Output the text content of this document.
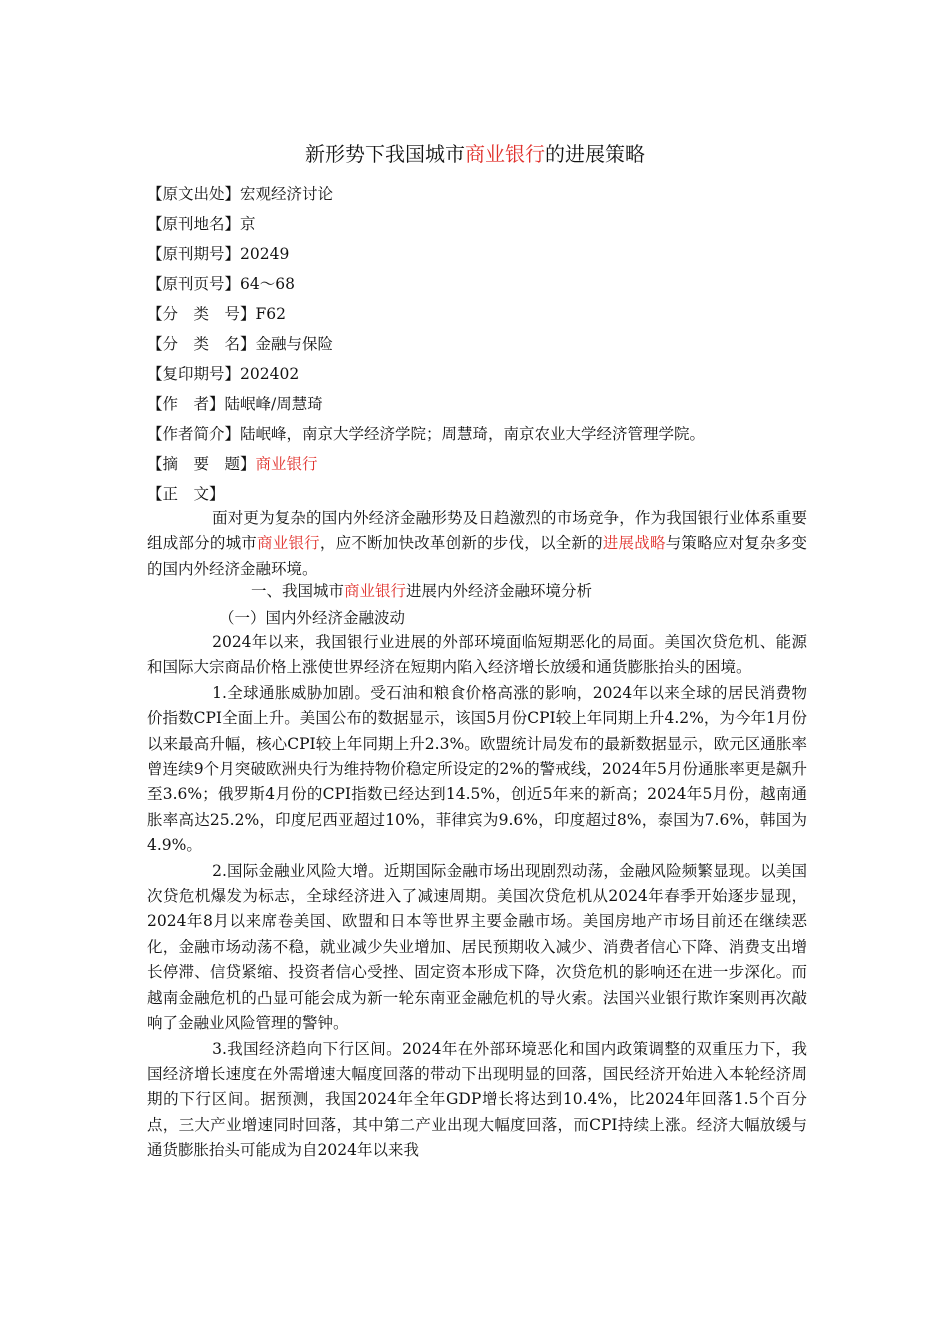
新形势下我国城市商业银行的进展策略
【原文出处】宏观经济讨论
【原刊地名】京
【原刊期号】20249
【原刊页号】64～68
【分　类　号】F62
【分　类　名】金融与保险
【复印期号】202402
【作　者】陆岷峰/周慧琦
【作者简介】陆岷峰，南京大学经济学院；周慧琦，南京农业大学经济管理学院。
【摘　要　题】商业银行
【正　文】

面对更为复杂的国内外经济金融形势及日趋激烈的市场竞争，作为我国银行业体系重要组成部分的城市商业银行，应不断加快改革创新的步伐，以全新的进展战略与策略应对复杂多变的国内外经济金融环境。

一、我国城市商业银行进展内外经济金融环境分析
（一）国内外经济金融波动

2024年以来，我国银行业进展的外部环境面临短期恶化的局面。美国次贷危机、能源和国际大宗商品价格上涨使世界经济在短期内陷入经济增长放缓和通货膨胀抬头的困境。

1.全球通胀威胁加剧。受石油和粮食价格高涨的影响，2024年以来全球的居民消费物价指数CPI全面上升。美国公布的数据显示，该国5月份CPI较上年同期上升4.2%，为今年1月份以来最高升幅，核心CPI较上年同期上升2.3%。欧盟统计局发布的最新数据显示，欧元区通胀率曾连续9个月突破欧洲央行为维持物价稳定所设定的2%的警戒线，2024年5月份通胀率更是飙升至3.6%；俄罗斯4月份的CPI指数已经达到14.5%，创近5年来的新高；2024年5月份，越南通胀率高达25.2%，印度尼西亚超过10%，菲律宾为9.6%，印度超过8%，泰国为7.6%，韩国为4.9%。

2.国际金融业风险大增。近期国际金融市场出现剧烈动荡，金融风险频繁显现。以美国次贷危机爆发为标志，全球经济进入了减速周期。美国次贷危机从2024年春季开始逐步显现，2024年8月以来席卷美国、欧盟和日本等世界主要金融市场。美国房地产市场目前还在继续恶化，金融市场动荡不稳，就业减少失业增加、居民预期收入减少、消费者信心下降、消费支出增长停滞、信贷紧缩、投资者信心受挫、固定资本形成下降，次贷危机的影响还在进一步深化。而越南金融危机的凸显可能会成为新一轮东南亚金融危机的导火索。法国兴业银行欺诈案则再次敲响了金融业风险管理的警钟。

3.我国经济趋向下行区间。2024年在外部环境恶化和国内政策调整的双重压力下，我国经济增长速度在外需增速大幅度回落的带动下出现明显的回落，国民经济开始进入本轮经济周期的下行区间。据预测，我国2024年全年GDP增长将达到10.4%，比2024年回落1.5个百分点，三大产业增速同时回落，其中第二产业出现大幅度回落，而CPI持续上涨。经济大幅放缓与通货膨胀抬头可能成为自2024年以来我
